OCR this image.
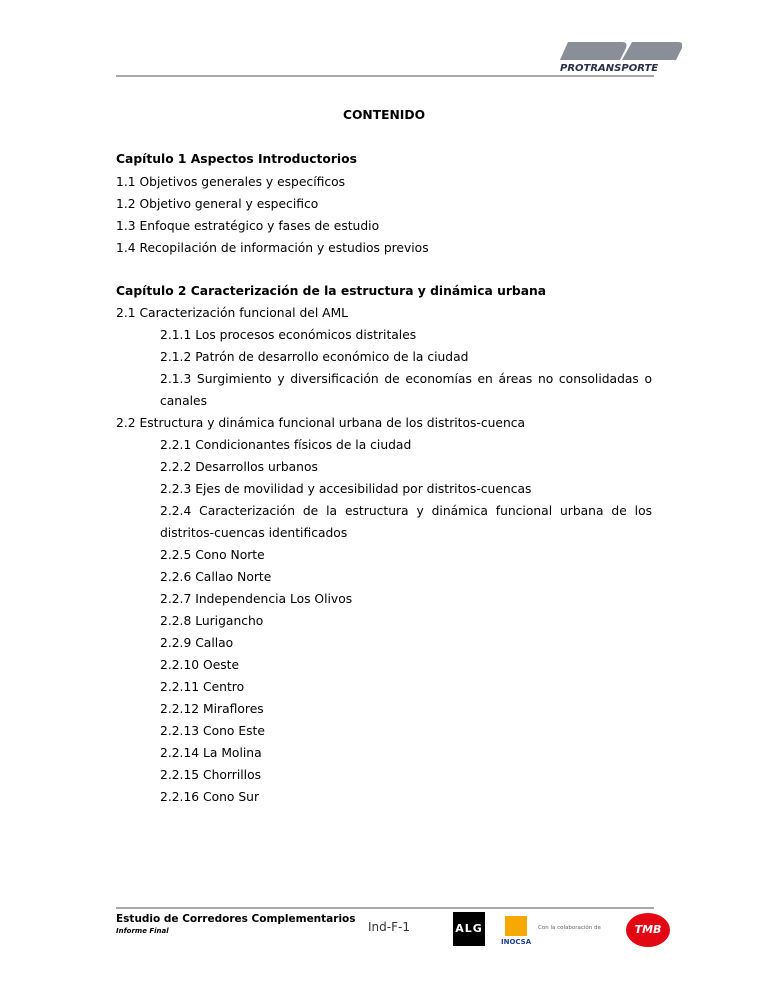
PROTRANSPORTE
CONTENIDO
Capítulo 1 Aspectos Introductorios
1.1 Objetivos generales y específicos
1.2 Objetivo general y especifico
1.3 Enfoque estratégico y fases de estudio
1.4 Recopilación de información y estudios previos
Capítulo 2 Caracterización de la estructura y dinámica urbana
2.1 Caracterización funcional del AML
2.1.1 Los procesos económicos distritales
2.1.2 Patrón de desarrollo económico de la ciudad
2.1.3 Surgimiento y diversificación de economías en áreas no consolidadas o
canales
2.2 Estructura y dinámica funcional urbana de los distritos-cuenca
2.2.1 Condicionantes físicos de la ciudad
2.2.2 Desarrollos urbanos
2.2.3 Ejes de movilidad y accesibilidad por distritos-cuencas
2.2.4 Caracterización de la estructura y dinámica funcional urbana de los
distritos-cuencas identificados
2.2.5 Cono Norte
2.2.6 Callao Norte
2.2.7 Independencia Los Olivos
2.2.8 Lurigancho
2.2.9 Callao
2.2.10 Oeste
2.2.11 Centro
2.2.12 Miraflores
2.2.13 Cono Este
2.2.14 La Molina
2.2.15 Chorrillos
2.2.16 Cono Sur
Estudio de Corredores Complementarios
Informe Final	Ind-F-1	ALG
INOCSA
Con la colaboración de	TMB
